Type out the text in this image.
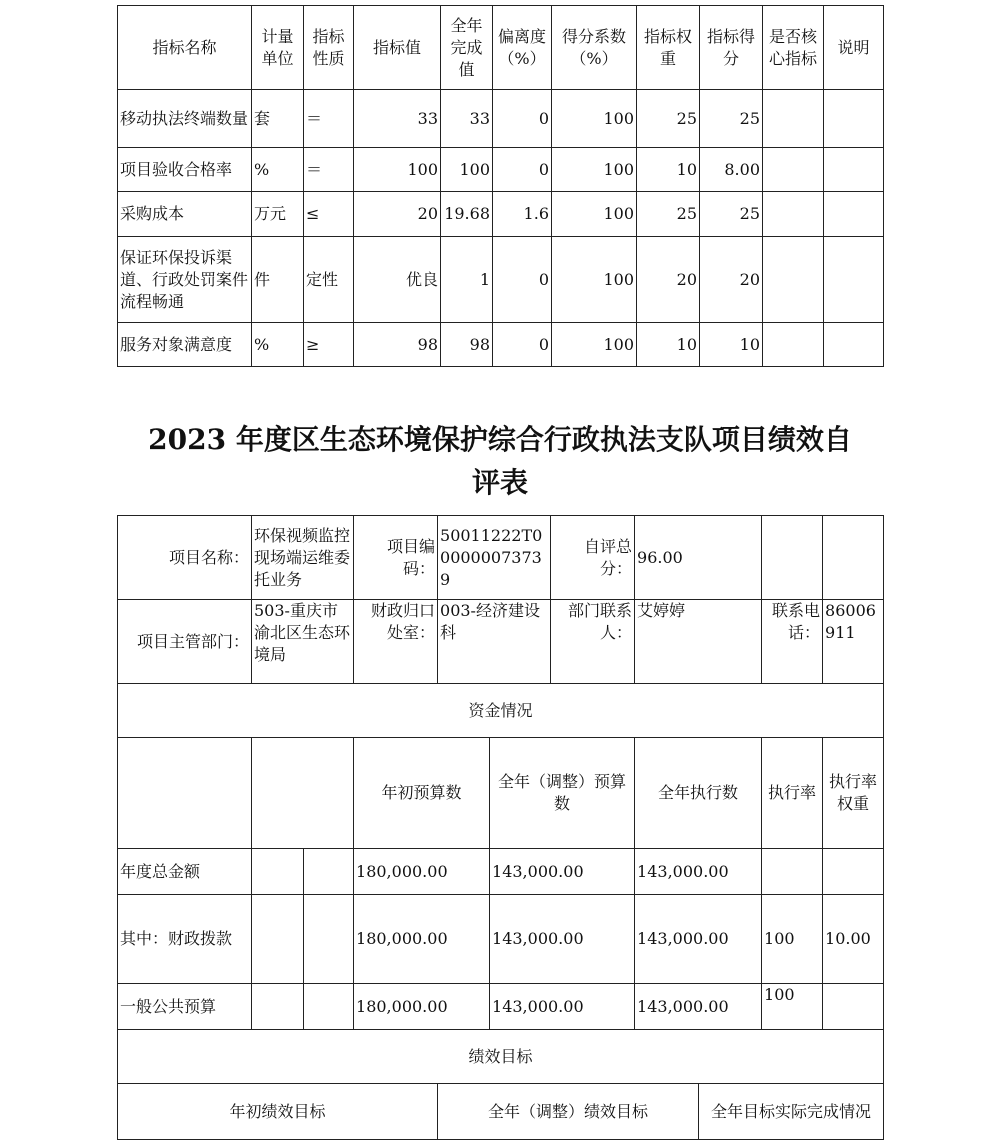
指标名称	计量单位	指标性质	指标值	全年完成值	偏离度（%）	得分系数（%）	指标权重	指标得分	是否核心指标	说明
移动执法终端数量	套	＝	33	33	0	100	25	25		
项目验收合格率	%	＝	100	100	0	100	10	8.00		
采购成本	万元	≤	20	19.68	1.6	100	25	25		
保证环保投诉渠道、行政处罚案件流程畅通	件	定性	优良	1	0	100	20	20		
服务对象满意度	%	≥	98	98	0	100	10	10		
2023 年度区生态环境保护综合行政执法支队项目绩效自
评表
项目名称：	环保视频监控现场端运维委托业务		项目编码：	50011222T000000073739		自评总分：	96.00				
项目主管部门：	503-重庆市渝北区生态环境局		财政归口处室：	003-经济建设科		部门联系人：	艾婷婷		联系电话：	86006911	
资金情况											
			年初预算数		全年（调整）预算数		全年执行数		执行率	执行率权重	
年度总金额			180,000.00		143,000.00		143,000.00				
其中：财政拨款			180,000.00		143,000.00		143,000.00		100	10.00	
一般公共预算			180,000.00		143,000.00		143,000.00		100		
绩效目标											
年初绩效目标				全年（调整）绩效目标				全年目标实际完成情况			
